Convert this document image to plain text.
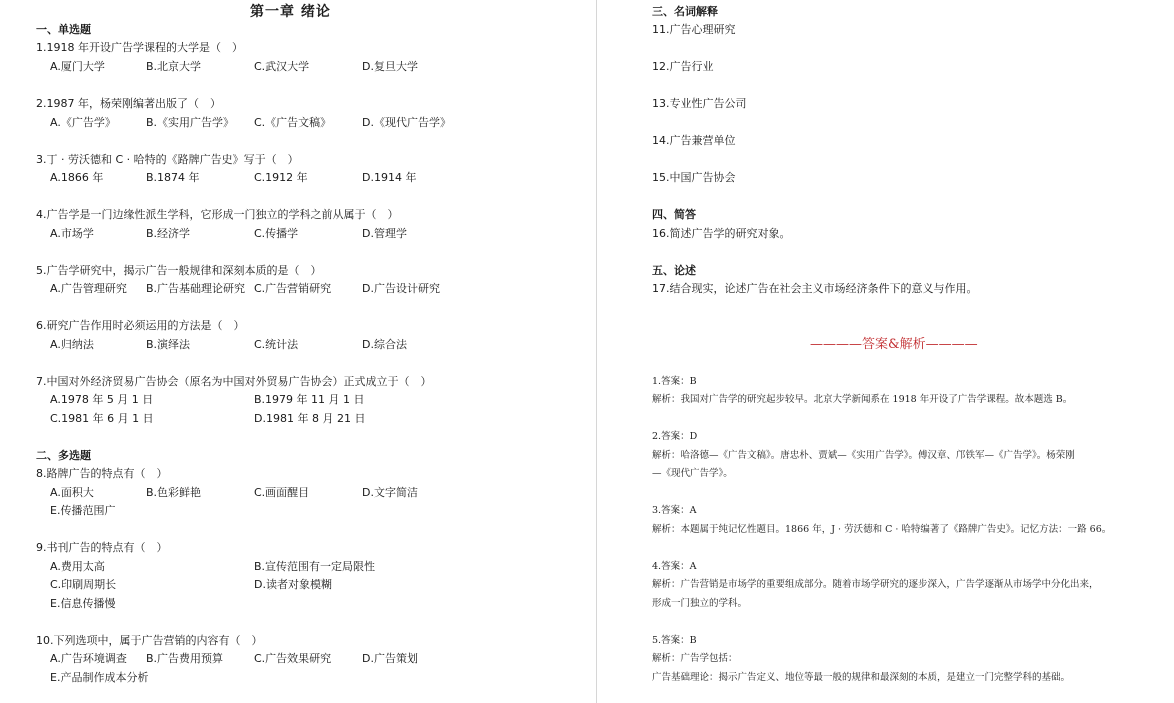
第一章 绪论
一、单选题
1.1918 年开设广告学课程的大学是（　）
A.厦门大学	B.北京大学	C.武汉大学	D.复旦大学
2.1987 年，杨荣刚编著出版了（　）
A.《广告学》	B.《实用广告学》 C.《广告文稿》	D.《现代广告学》
3.丁 · 劳沃德和 C · 哈特的《路牌广告史》写于（　）
A.1866 年	B.1874 年	C.1912 年	D.1914 年
4.广告学是一门边缘性派生学科，它形成一门独立的学科之前从属于（　）
A.市场学	B.经济学	C.传播学	D.管理学
5.广告学研究中，揭示广告一般规律和深刻本质的是（　）
A.广告管理研究 B.广告基础理论研究 C.广告营销研究	D.广告设计研究
6.研究广告作用时必须运用的方法是（　）
A.归纳法	B.演绎法	C.统计法	D.综合法
7.中国对外经济贸易广告协会（原名为中国对外贸易广告协会）正式成立于（　）
A.1978 年 5 月 1 日	B.1979 年 11 月 1 日
C.1981 年 6 月 1 日	D.1981 年 8 月 21 日
二、多选题
8.路牌广告的特点有（　）
A.面积大	B.色彩鲜艳	C.画面醒目	D.文字简洁
E.传播范围广
9.书刊广告的特点有（　）
A.费用太高	B.宣传范围有一定局限性
C.印刷周期长	D.读者对象模糊
E.信息传播慢
10.下列选项中，属于广告营销的内容有（　）
A.广告环境调查 B.广告费用预算	C.广告效果研究	D.广告策划
E.产品制作成本分析
三、名词解释
11.广告心理研究
12.广告行业
13.专业性广告公司
14.广告兼营单位
15.中国广告协会
四、简答
16.简述广告学的研究对象。
五、论述
17.结合现实，论述广告在社会主义市场经济条件下的意义与作用。
————答案&解析————
1.答案：B
解析：我国对广告学的研究起步较早。北京大学新闻系在 1918 年开设了广告学课程。故本题选 B。
2.答案：D
解析：哈洛德—《广告文稿》。唐忠朴、贾斌—《实用广告学》。傅汉章、邝铁军—《广告学》。杨荣刚
—《现代广告学》。
3.答案：A
解析：本题属于纯记忆性题目。1866 年，J · 劳沃德和 C · 哈特编著了《路牌广告史》。记忆方法：一路 66。
4.答案：A
解析：广告营销是市场学的重要组成部分。随着市场学研究的逐步深入，广告学逐渐从市场学中分化出来，
形成一门独立的学科。
5.答案：B
解析：广告学包括：
广告基础理论：揭示广告定义、地位等最一般的规律和最深刻的本质，是建立一门完整学科的基础。
